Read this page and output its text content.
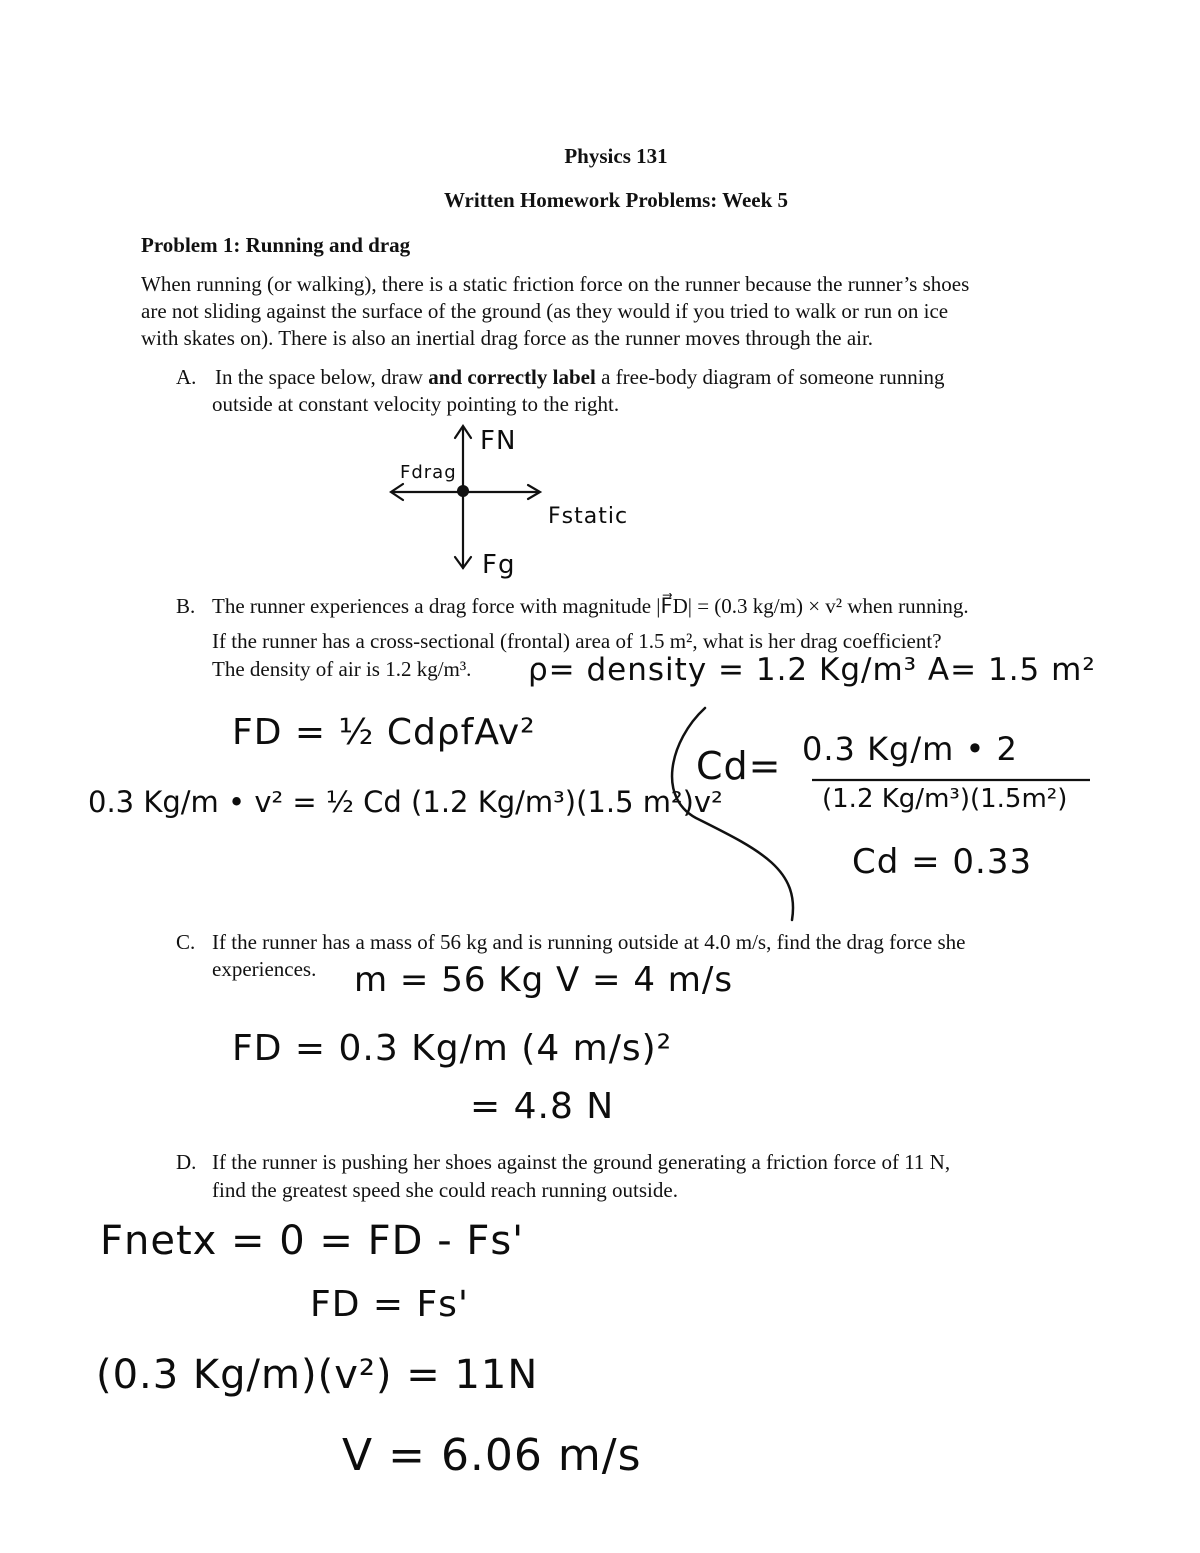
Physics 131
Written Homework Problems: Week 5
Problem 1: Running and drag
When running (or walking), there is a static friction force on the runner because the runner’s shoes
are not sliding against the surface of the ground (as they would if you tried to walk or run on ice
with skates on). There is also an inertial drag force as the runner moves through the air.
A. In the space below, draw and correctly label a free-body diagram of someone running
outside at constant velocity pointing to the right.
FN
Fdrag
Fstatic
Fg
B. The runner experiences a drag force with magnitude |F⃗D| = (0.3 kg/m) × v² when running.
If the runner has a cross-sectional (frontal) area of 1.5 m², what is her drag coefficient?
The density of air is 1.2 kg/m³. ρ= density = 1.2 Kg/m³ A= 1.5 m²
FD = ½ CdρfAv²
0.3 Kg/m • v² = ½ Cd (1.2 Kg/m³)(1.5 m²)v²
Cd= 0.3 Kg/m • 2
(1.2 Kg/m³)(1.5m²)
Cd = 0.33
C. If the runner has a mass of 56 kg and is running outside at 4.0 m/s, find the drag force she
experiences. m = 56 Kg V = 4 m/s
FD = 0.3 Kg/m (4 m/s)²
= 4.8 N
D. If the runner is pushing her shoes against the ground generating a friction force of 11 N,
find the greatest speed she could reach running outside.
Fnetx = 0 = FD - Fs'
FD = Fs'
(0.3 Kg/m)(v²) = 11N
V = 6.06 m/s
